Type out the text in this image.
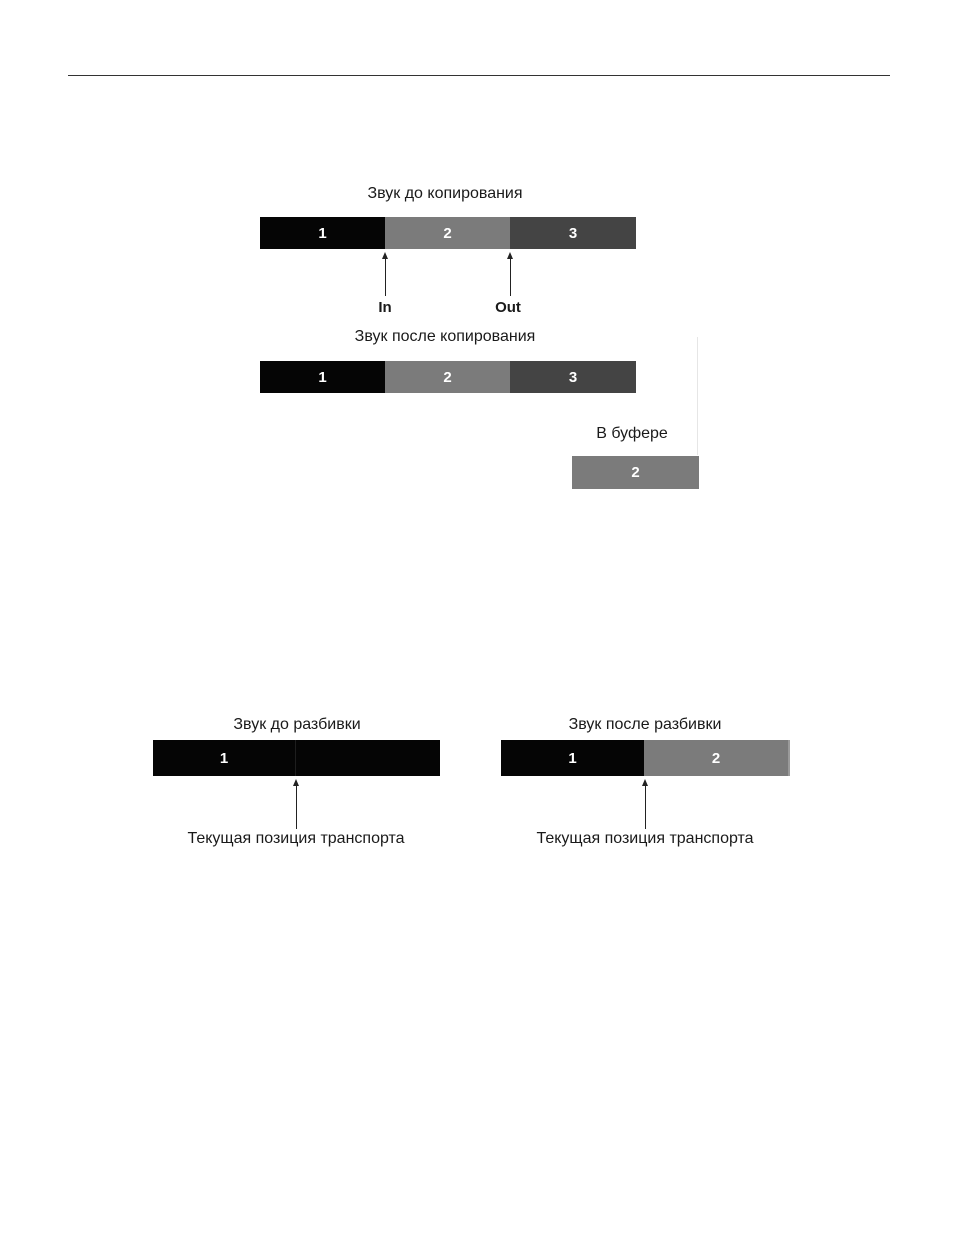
Звук до копирования
1	2	3
In	Out
Звук после копирования
1	2	3
В буфере
2
Звук до разбивки
1
Текущая позиция транспорта
Звук после разбивки
1	2
Текущая позиция транспорта
